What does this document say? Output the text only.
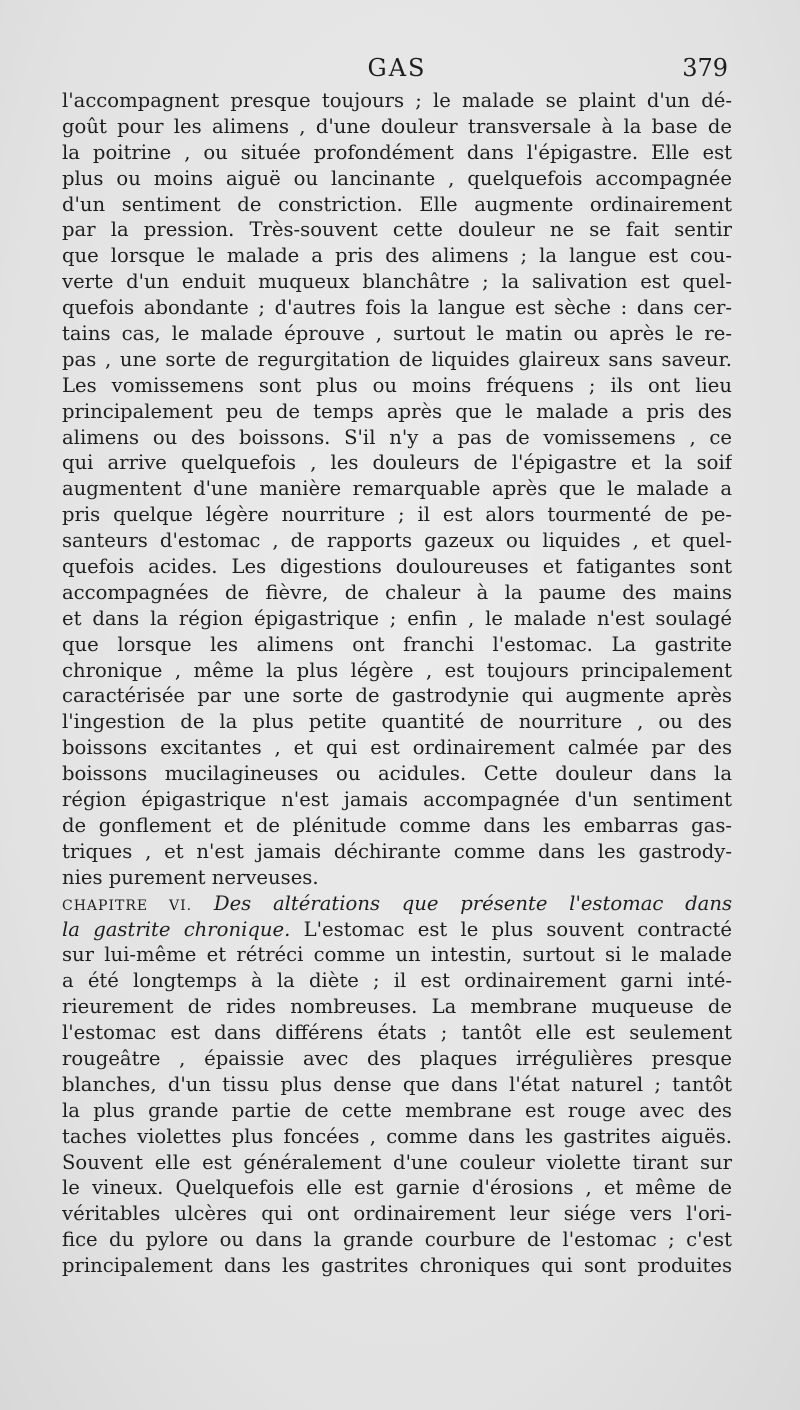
GAS	379
l'accompagnent presque toujours ; le malade se plaint d'un dé-
goût pour les alimens , d'une douleur transversale à la base de
la poitrine , ou située profondément dans l'épigastre. Elle est
plus ou moins aiguë ou lancinante , quelquefois accompagnée
d'un sentiment de constriction. Elle augmente ordinairement
par la pression. Très-souvent cette douleur ne se fait sentir
que lorsque le malade a pris des alimens ; la langue est cou-
verte d'un enduit muqueux blanchâtre ; la salivation est quel-
quefois abondante ; d'autres fois la langue est sèche : dans cer-
tains cas, le malade éprouve , surtout le matin ou après le re-
pas , une sorte de regurgitation de liquides glaireux sans saveur.
Les vomissemens sont plus ou moins fréquens ; ils ont lieu
principalement peu de temps après que le malade a pris des
alimens ou des boissons. S'il n'y a pas de vomissemens , ce
qui arrive quelquefois , les douleurs de l'épigastre et la soif
augmentent d'une manière remarquable après que le malade a
pris quelque légère nourriture ; il est alors tourmenté de pe-
santeurs d'estomac , de rapports gazeux ou liquides , et quel-
quefois acides. Les digestions douloureuses et fatigantes sont
accompagnées de fièvre, de chaleur à la paume des mains
et dans la région épigastrique ; enfin , le malade n'est soulagé
que lorsque les alimens ont franchi l'estomac. La gastrite
chronique , même la plus légère , est toujours principalement
caractérisée par une sorte de gastrodynie qui augmente après
l'ingestion de la plus petite quantité de nourriture , ou des
boissons excitantes , et qui est ordinairement calmée par des
boissons mucilagineuses ou acidules. Cette douleur dans la
région épigastrique n'est jamais accompagnée d'un sentiment
de gonflement et de plénitude comme dans les embarras gas-
triques , et n'est jamais déchirante comme dans les gastrody-
nies purement nerveuses.
CHAPITRE VI. Des altérations que présente l'estomac dans
la gastrite chronique. L'estomac est le plus souvent contracté
sur lui-même et rétréci comme un intestin, surtout si le malade
a été longtemps à la diète ; il est ordinairement garni inté-
rieurement de rides nombreuses. La membrane muqueuse de
l'estomac est dans différens états ; tantôt elle est seulement
rougeâtre , épaissie avec des plaques irrégulières presque
blanches, d'un tissu plus dense que dans l'état naturel ; tantôt
la plus grande partie de cette membrane est rouge avec des
taches violettes plus foncées , comme dans les gastrites aiguës.
Souvent elle est généralement d'une couleur violette tirant sur
le vineux. Quelquefois elle est garnie d'érosions , et même de
véritables ulcères qui ont ordinairement leur siége vers l'ori-
fice du pylore ou dans la grande courbure de l'estomac ; c'est
principalement dans les gastrites chroniques qui sont produites
